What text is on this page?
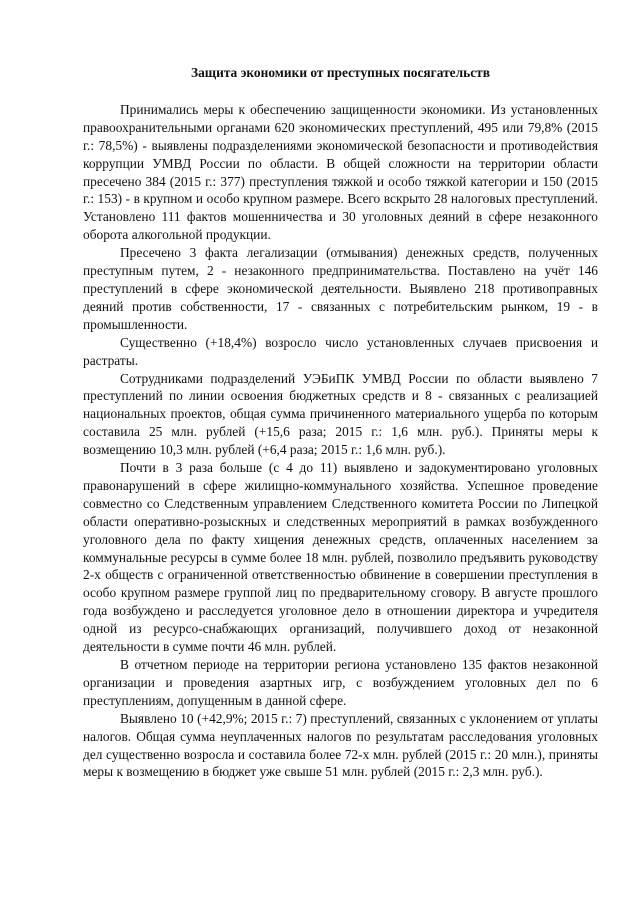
Защита экономики от преступных посягательств

Принимались меры к обеспечению защищенности экономики. Из установленных правоохранительными органами 620 экономических преступлений, 495 или 79,8% (2015 г.: 78,5%) - выявлены подразделениями экономической безопасности и противодействия коррупции УМВД России по области. В общей сложности на территории области пресечено 384 (2015 г.: 377) преступления тяжкой и особо тяжкой категории и 150 (2015 г.: 153) - в крупном и особо крупном размере. Всего вскрыто 28 налоговых преступлений. Установлено 111 фактов мошенничества и 30 уголовных деяний в сфере незаконного оборота алкогольной продукции.

Пресечено 3 факта легализации (отмывания) денежных средств, полученных преступным путем, 2 - незаконного предпринимательства. Поставлено на учёт 146 преступлений в сфере экономической деятельности. Выявлено 218 противоправных деяний против собственности, 17 - связанных с потребительским рынком, 19 - в промышленности.

Существенно (+18,4%) возросло число установленных случаев присвоения и растраты.

Сотрудниками подразделений УЭБиПК УМВД России по области выявлено 7 преступлений по линии освоения бюджетных средств и 8 - связанных с реализацией национальных проектов, общая сумма причиненного материального ущерба по которым составила 25 млн. рублей (+15,6 раза; 2015 г.: 1,6 млн. руб.). Приняты меры к возмещению 10,3 млн. рублей (+6,4 раза; 2015 г.: 1,6 млн. руб.).

Почти в 3 раза больше (с 4 до 11) выявлено и задокументировано уголовных правонарушений в сфере жилищно-коммунального хозяйства. Успешное проведение совместно со Следственным управлением Следственного комитета России по Липецкой области оперативно-розыскных и следственных мероприятий в рамках возбужденного уголовного дела по факту хищения денежных средств, оплаченных населением за коммунальные ресурсы в сумме более 18 млн. рублей, позволило предъявить руководству 2-х обществ с ограниченной ответственностью обвинение в совершении преступления в особо крупном размере группой лиц по предварительному сговору. В августе прошлого года возбуждено и расследуется уголовное дело в отношении директора и учредителя одной из ресурсо-снабжающих организаций, получившего доход от незаконной деятельности в сумме почти 46 млн. рублей.

В отчетном периоде на территории региона установлено 135 фактов незаконной организации и проведения азартных игр, с возбуждением уголовных дел по 6 преступлениям, допущенным в данной сфере.

Выявлено 10 (+42,9%; 2015 г.: 7) преступлений, связанных с уклонением от уплаты налогов. Общая сумма неуплаченных налогов по результатам расследования уголовных дел существенно возросла и составила более 72-х млн. рублей (2015 г.: 20 млн.), приняты меры к возмещению в бюджет уже свыше 51 млн. рублей (2015 г.: 2,3 млн. руб.).
